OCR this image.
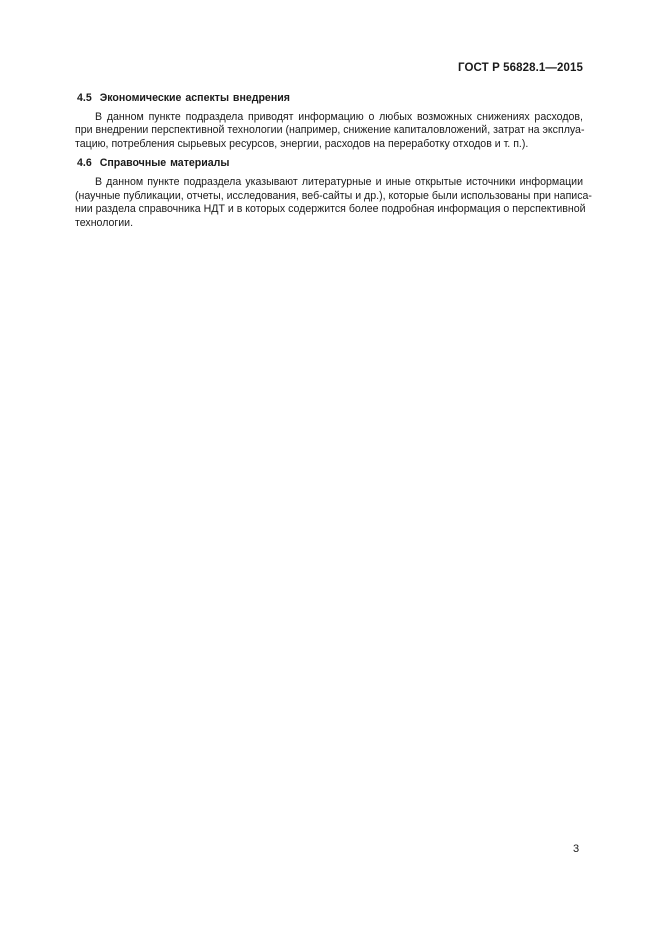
ГОСТ Р 56828.1—2015
4.5 Экономические аспекты внедрения
В данном пункте подраздела приводят информацию о любых возможных снижениях расходов,
при внедрении перспективной технологии (например, снижение капиталовложений, затрат на эксплуа-
тацию, потребления сырьевых ресурсов, энергии, расходов на переработку отходов и т. п.).
4.6 Справочные материалы
В данном пункте подраздела указывают литературные и иные открытые источники информации
(научные публикации, отчеты, исследования, веб-сайты и др.), которые были использованы при написа-
нии раздела справочника НДТ и в которых содержится более подробная информация о перспективной
технологии.
3
